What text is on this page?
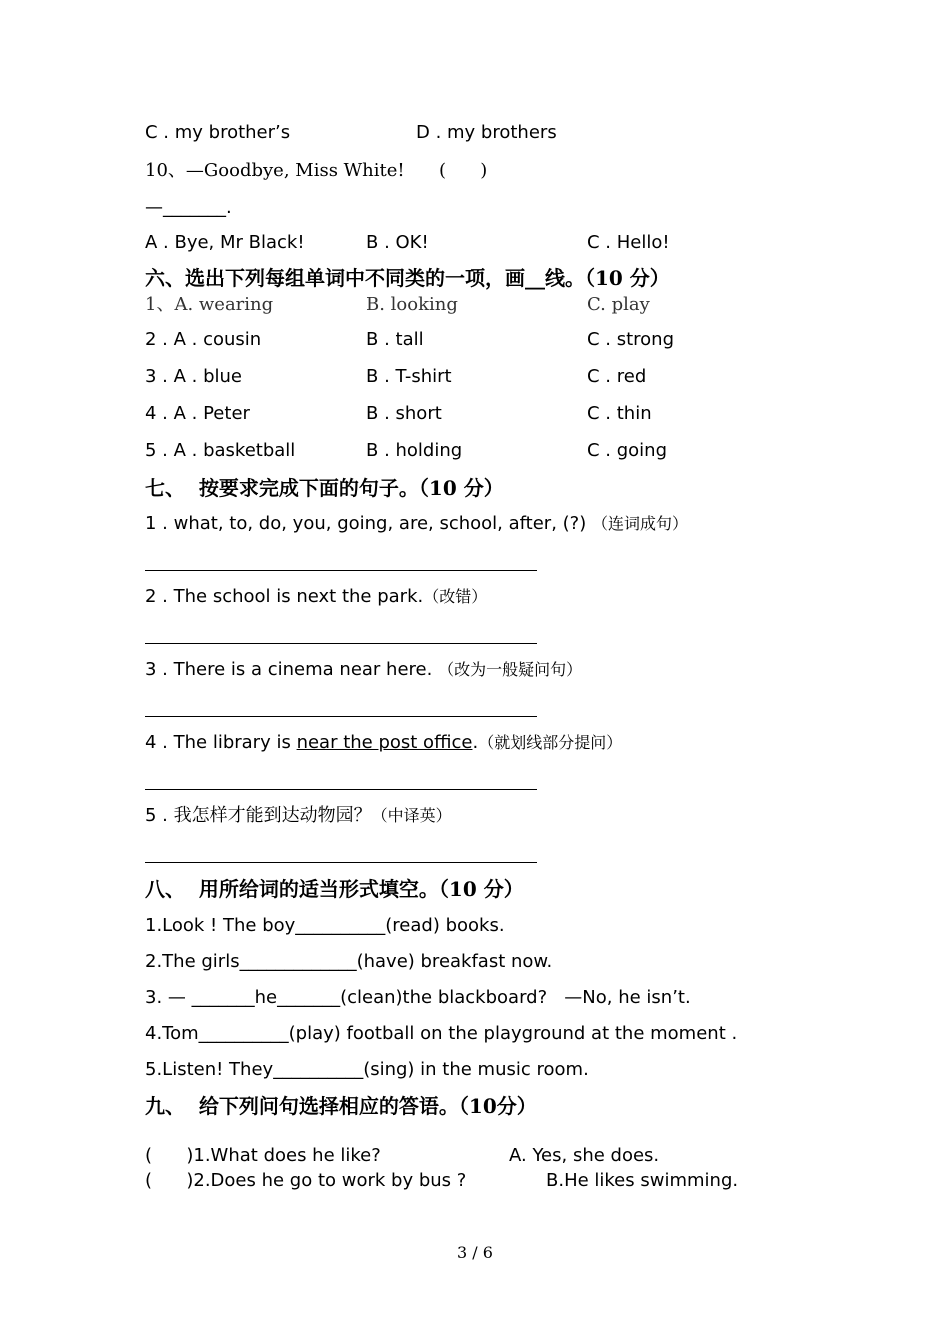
C . my brother’s	D . my brothers
10、—Goodbye, Miss White!      (      )
—_______.
A . Bye, Mr Black!	B . OK!	C . Hello!
六、选出下列每组单词中不同类的一项，画__线。（10 分）
1、A. wearing	B. looking	C. play
2 . A . cousin	B . tall	C . strong
3 . A . blue	B . T-shirt	C . red
4 . A . Peter	B . short	C . thin
5 . A . basketball	B . holding	C . going
七、  按要求完成下面的句子。（10 分）
1 . what, to, do, you, going, are, school, after, (?) （连词成句）
2 . The school is next the park.（改错）
3 . There is a cinema near here. （改为一般疑问句）
4 . The library is near the post office.（就划线部分提问）
5 . 我怎样才能到达动物园？（中译英）
八、  用所给词的适当形式填空。（10 分）
1.Look ! The boy__________(read) books.
2.The girls_____________(have) breakfast now.
3. — _______he_______(clean)the blackboard?   —No, he isn’t.
4.Tom__________(play) football on the playground at the moment .
5.Listen! They__________(sing) in the music room.
九、  给下列问句选择相应的答语。（10分）
(      )1.What does he like?	A. Yes, she does.
(      )2.Does he go to work by bus ?	B.He likes swimming.
3 / 6
